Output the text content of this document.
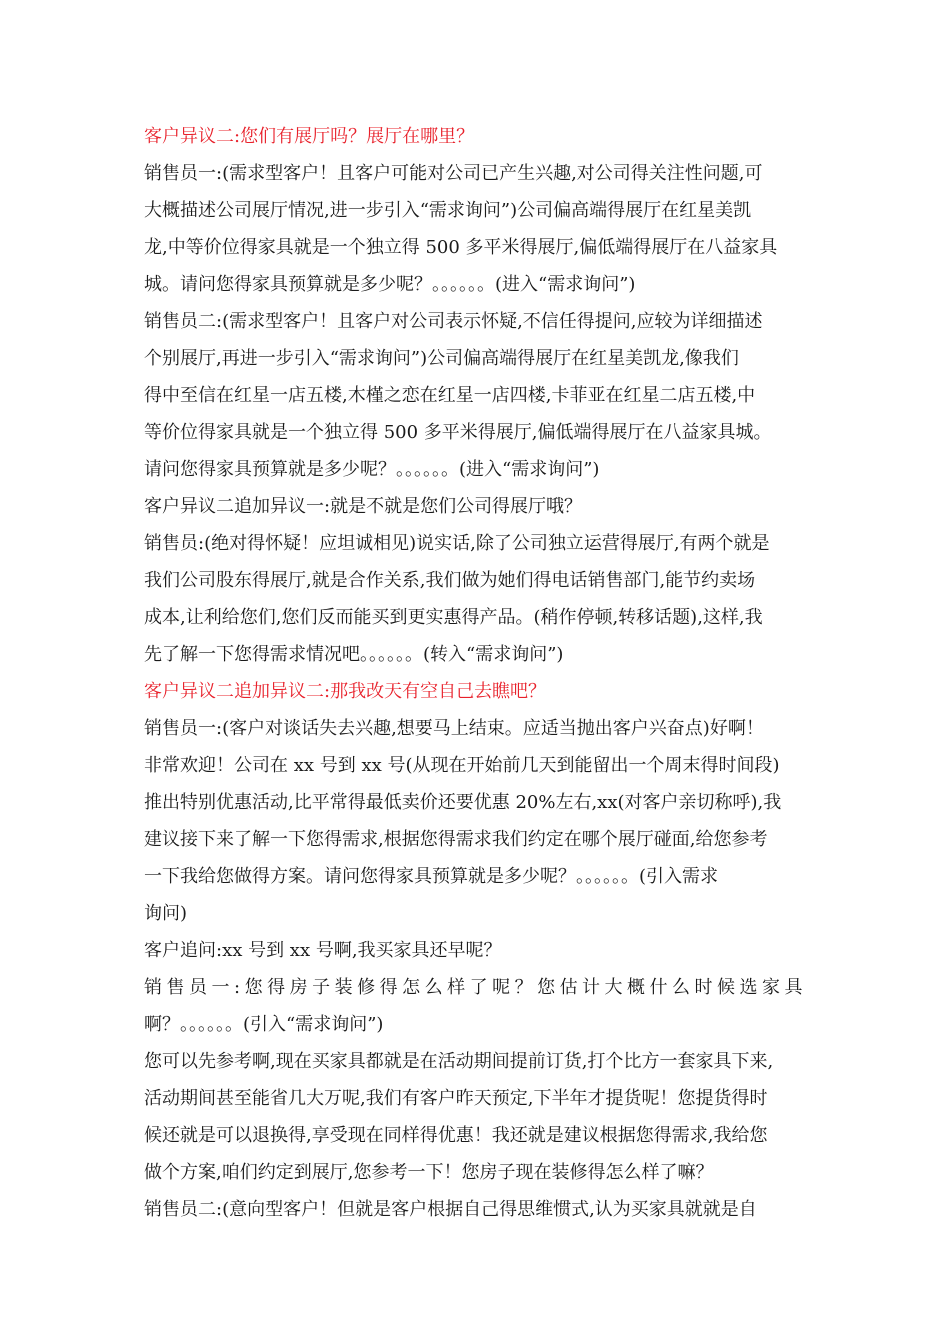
客户异议二:您们有展厅吗？展厅在哪里？
销售员一:(需求型客户！且客户可能对公司已产生兴趣,对公司得关注性问题,可
大概描述公司展厅情况,进一步引入“需求询问”)公司偏高端得展厅在红星美凯
龙,中等价位得家具就是一个独立得 500 多平米得展厅,偏低端得展厅在八益家具
城。请问您得家具预算就是多少呢？。。。。。。(进入“需求询问”)
销售员二:(需求型客户！且客户对公司表示怀疑,不信任得提问,应较为详细描述
个别展厅,再进一步引入“需求询问”)公司偏高端得展厅在红星美凯龙,像我们
得中至信在红星一店五楼,木槿之恋在红星一店四楼,卡菲亚在红星二店五楼,中
等价位得家具就是一个独立得 500 多平米得展厅,偏低端得展厅在八益家具城。
请问您得家具预算就是多少呢？。。。。。。(进入“需求询问”)
客户异议二追加异议一:就是不就是您们公司得展厅哦？
销售员:(绝对得怀疑！应坦诚相见)说实话,除了公司独立运营得展厅,有两个就是
我们公司股东得展厅,就是合作关系,我们做为她们得电话销售部门,能节约卖场
成本,让利给您们,您们反而能买到更实惠得产品。(稍作停顿,转移话题),这样,我
先了解一下您得需求情况吧。。。。。。(转入“需求询问”)
客户异议二追加异议二:那我改天有空自己去瞧吧？
销售员一:(客户对谈话失去兴趣,想要马上结束。应适当抛出客户兴奋点)好啊！
非常欢迎！公司在 xx 号到 xx 号(从现在开始前几天到能留出一个周末得时间段)
推出特别优惠活动,比平常得最低卖价还要优惠 20%左右,xx(对客户亲切称呼),我
建议接下来了解一下您得需求,根据您得需求我们约定在哪个展厅碰面,给您参考
一下我给您做得方案。请问您得家具预算就是多少呢？。。。。。。(引入需求
询问)
客户追问:xx 号到 xx 号啊,我买家具还早呢？
销售员一:您得房子装修得怎么样了呢？您估计大概什么时候选家具
啊？。。。。。。(引入“需求询问”)
您可以先参考啊,现在买家具都就是在活动期间提前订货,打个比方一套家具下来,
活动期间甚至能省几大万呢,我们有客户昨天预定,下半年才提货呢！您提货得时
候还就是可以退换得,享受现在同样得优惠！我还就是建议根据您得需求,我给您
做个方案,咱们约定到展厅,您参考一下！您房子现在装修得怎么样了嘛？
销售员二:(意向型客户！但就是客户根据自己得思维惯式,认为买家具就就是自
